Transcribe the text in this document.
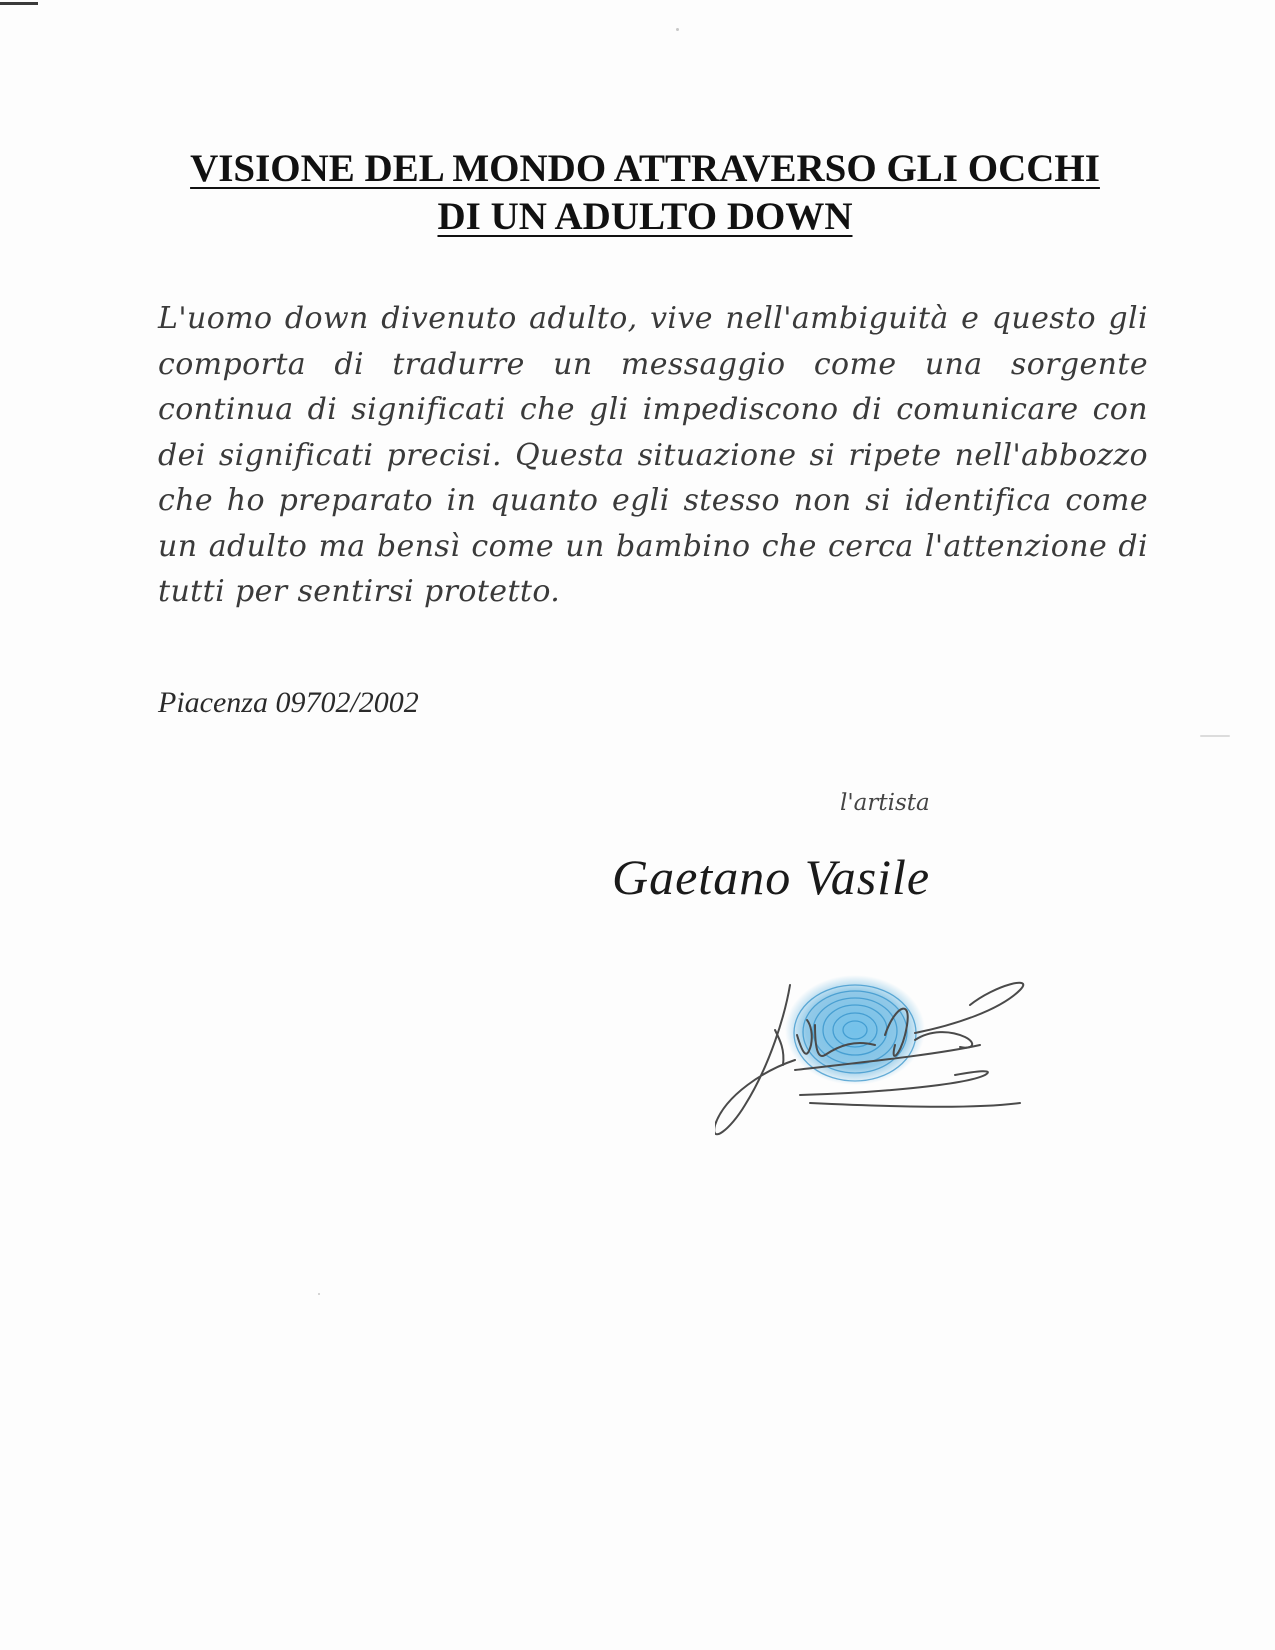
VISIONE DEL MONDO ATTRAVERSO GLI OCCHI
DI UN ADULTO DOWN
L'uomo down divenuto adulto, vive nell'ambiguità e questo gli comporta di tradurre un messaggio come una sorgente continua di significati che gli impediscono di comunicare con dei significati precisi. Questa situazione si ripete nell'abbozzo che ho preparato in quanto egli stesso non si identifica come un adulto ma bensì come un bambino che cerca l'attenzione di tutti per sentirsi protetto.
Piacenza 09702/2002
l'artista
Gaetano Vasile
